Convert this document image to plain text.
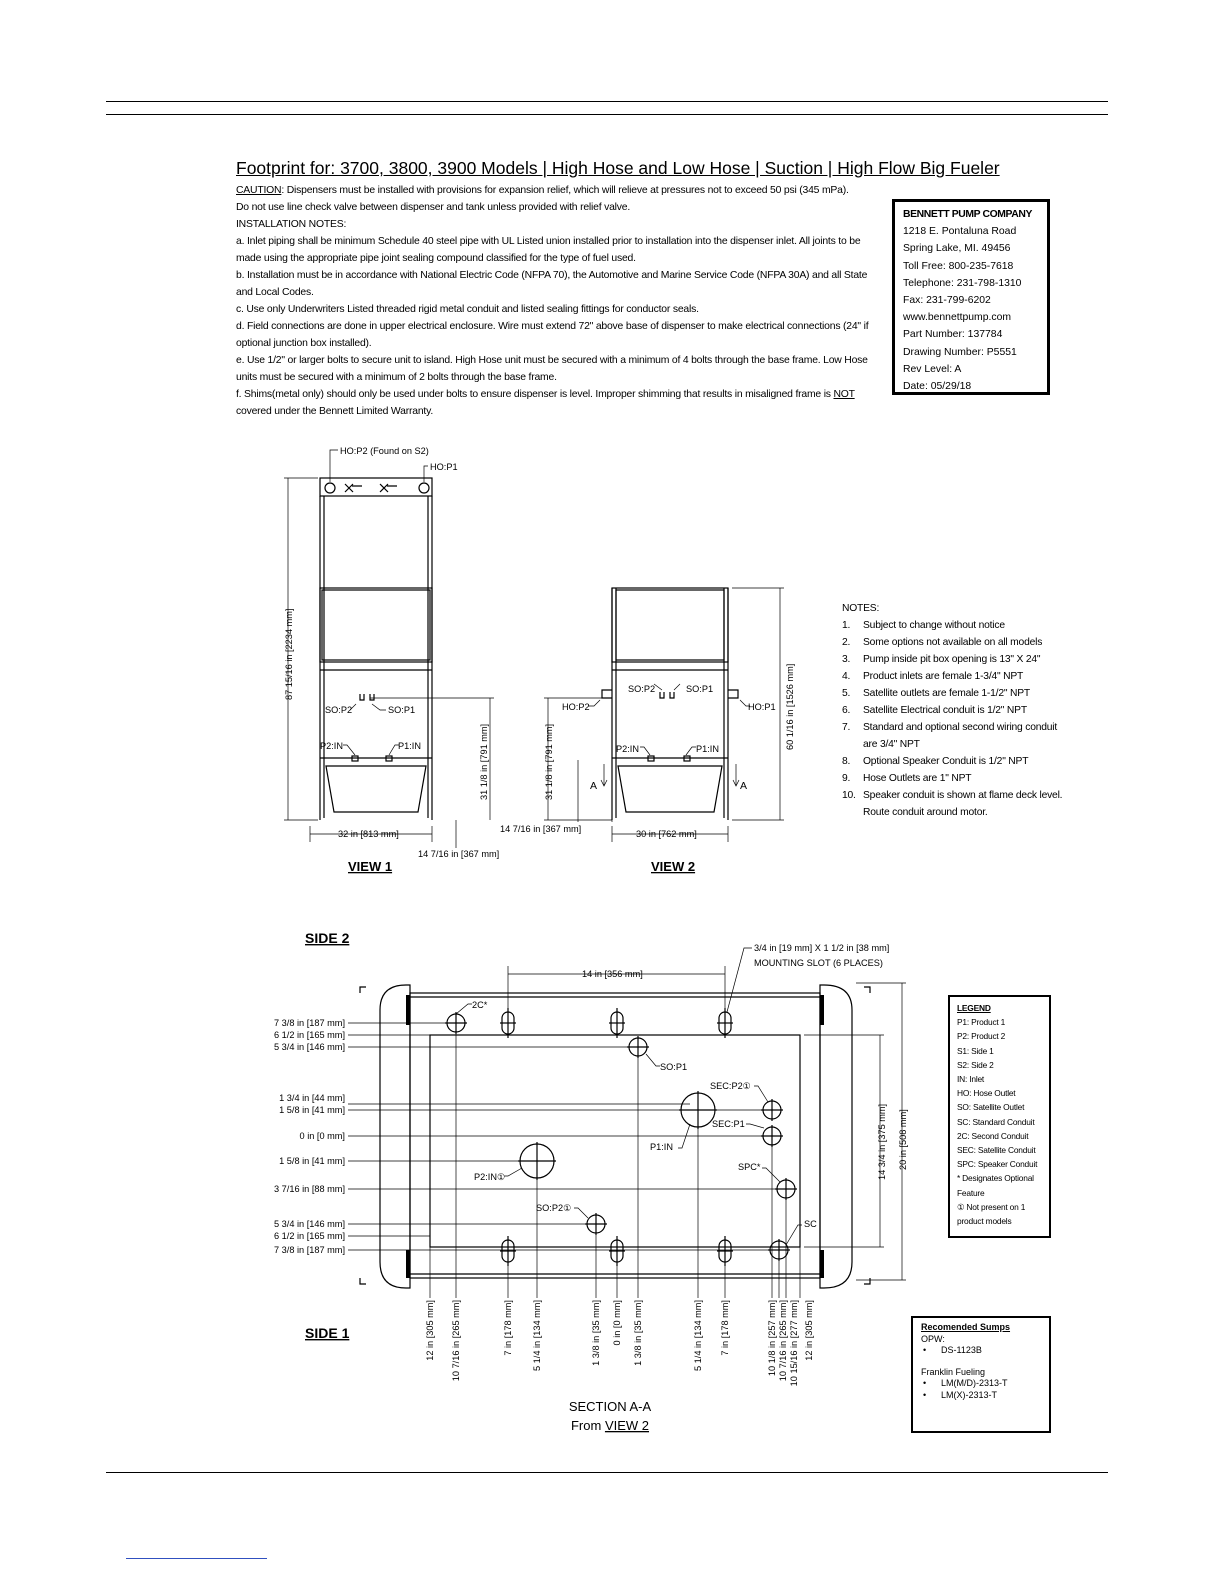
Footprint for: 3700, 3800, 3900 Models | High Hose and Low Hose | Suction | High Flow Big Fueler

CAUTION: Dispensers must be installed with provisions for expansion relief, which will relieve at pressures not to exceed 50 psi (345 mPa).

Do not use line check valve between dispenser and tank unless provided with relief valve.

INSTALLATION NOTES:

a. Inlet piping shall be minimum Schedule 40 steel pipe with UL Listed union installed prior to installation into the dispenser inlet. All joints to be made using the appropriate pipe joint sealing compound classified for the type of fuel used.

b. Installation must be in accordance with National Electric Code (NFPA 70), the Automotive and Marine Service Code (NFPA 30A) and all State and Local Codes.

c. Use only Underwriters Listed threaded rigid metal conduit and listed sealing fittings for conductor seals.

d. Field connections are done in upper electrical enclosure. Wire must extend 72" above base of dispenser to make electrical connections (24" if optional junction box installed).

e. Use 1/2" or larger bolts to secure unit to island. High Hose unit must be secured with a minimum of 4 bolts through the base frame. Low Hose units must be secured with a minimum of 2 bolts through the base frame.

f. Shims(metal only) should only be used under bolts to ensure dispenser is level. Improper shimming that results in misaligned frame is NOT covered under the Bennett Limited Warranty.

BENNETT PUMP COMPANY
1218 E. Pontaluna Road
Spring Lake, MI. 49456
Toll Free: 800-235-7618
Telephone: 231-798-1310
Fax: 231-799-6202
www.bennettpump.com
Part Number: 137784
Drawing Number: P5551
Rev Level: A
Date: 05/29/18
NOTES:
1. Subject to change without notice
2. Some options not available on all models
3. Pump inside pit box opening is 13" X 24"
4. Product inlets are female 1-3/4" NPT
5. Satellite outlets are female 1-1/2" NPT
6. Satellite Electrical conduit is 1/2" NPT
7. Standard and optional second wiring conduit are 3/4" NPT
8. Optional Speaker Conduit is 1/2" NPT
9. Hose Outlets are 1" NPT
10. Speaker conduit is shown at flame deck level. Route conduit around motor.
HO:P2 (Found on S2)
HO:P1
SO:P2	SO:P1
P2:IN	P1:IN
87 15/16 in [2234 mm]
31 1/8 in [791 mm]
32 in [813 mm]
14 7/16 in [367 mm]
SO:P2	SO:P1
HO:P2	HO:P1
P2:IN	P1:IN
A	A
60 1/16 in [1526 mm]
31 1/8 in [791 mm]
30 in [762 mm]
14 7/16 in [367 mm]
VIEW 1	VIEW 2
SIDE 2
SIDE 1
14 in [356 mm]
3/4 in [19 mm] X 1 1/2 in [38 mm]
MOUNTING SLOT (6 PLACES)
14 3/4 in [375 mm] 20 in [508 mm]
2C*
SO:P1
SEC:P2①
SEC:P1
P1:IN
P2:IN①
SPC*
SO:P2①
SC
7 3/8 in [187 mm]
6 1/2 in [165 mm]
5 3/4 in [146 mm]
1 3/4 in [44 mm]
1 5/8 in [41 mm]
0 in [0 mm]
1 5/8 in [41 mm]
3 7/16 in [88 mm]
5 3/4 in [146 mm]
6 1/2 in [165 mm]
7 3/8 in [187 mm]
12 in [305 mm] 10 7/16 in [265 mm]	7 in [178 mm] 5 1/4 in [134 mm]	1 3/8 in [35 mm] 0 in [0 mm] 1 3/8 in [35 mm]	5 1/4 in [134 mm] 7 in [178 mm]	10 1/8 in [257 mm] 10 7/16 in [265 mm] 10 15/16 in [277 mm] 12 in [305 mm]
SECTION A-A
From VIEW 2
LEGEND
P1: Product 1
P2: Product 2
S1: Side 1
S2: Side 2
IN: Inlet
HO: Hose Outlet
SO: Satellite Outlet
SC: Standard Conduit
2C: Second Conduit
SEC: Satellite Conduit
SPC: Speaker Conduit
* Designates Optional Feature
① Not present on 1 product models
Recomended Sumps
OPW:
• DS-1123B
Franklin Fueling
• LM(M/D)-2313-T
• LM(X)-2313-T
